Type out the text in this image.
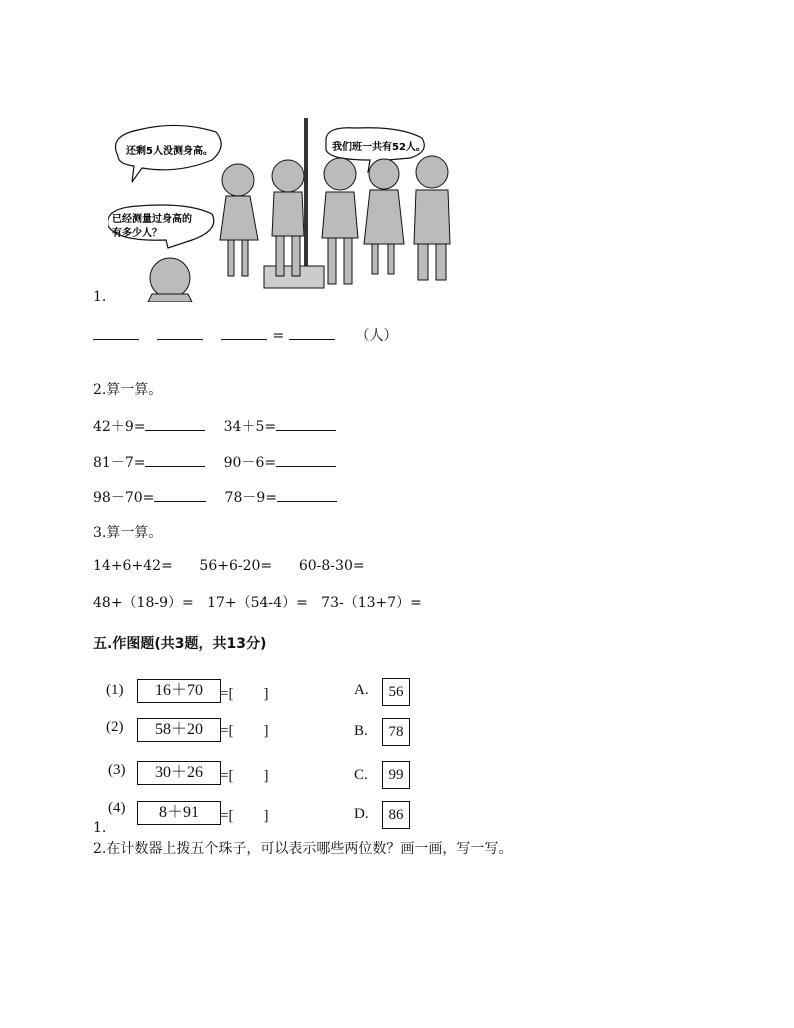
还剩5人没测身高。	我们班一共有52人。
已经测量过身高的
有多少人？
1.
=	（人）
2.算一算。
42＋9=	34＋5=
81－7=	90－6=
98－70=	78－9=
3.算一算。
14+6+42=      56+6-20=      60-8-30=
48+（18-9）=   17+（54-4）=   73-（13+7）=
五.作图题(共3题，共13分)
(1)	16＋70	=[　　]	A.	56
(2)	58＋20	=[　　]	B.	78
(3)	30＋26	=[　　]	C.	99
(4)	8＋91	=[　　]	D.	86
1.
2.在计数器上拨五个珠子，可以表示哪些两位数？画一画，写一写。
